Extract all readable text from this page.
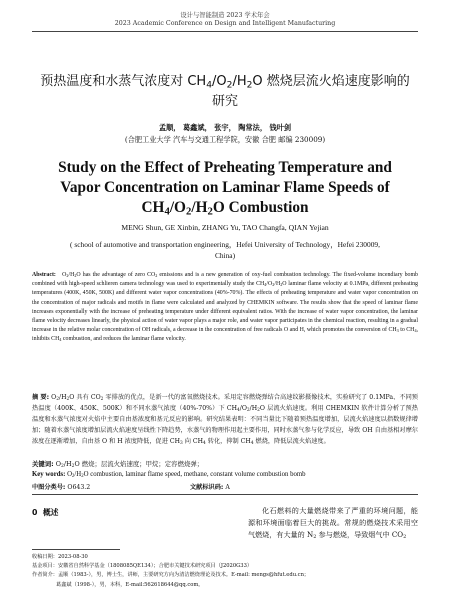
设计与智能制造 2023 学术年会
2023 Academic Conference on Design and Intelligent Manufacturing
预热温度和水蒸气浓度对 $CH_4/O_2/H_2O$ 燃烧层流火焰速度影响的研究
孟顺， 葛鑫斌， 张宇， 陶常法， 钱叶剑
(合肥工业大学 汽车与交通工程学院，安徽 合肥 邮编 230009)
Study on the Effect of Preheating Temperature and Vapor Concentration on Laminar Flame Speeds of $CH_4/O_2/H_2O$ Combustion
MENG Shun, GE Xinbin, ZHANG Yu, TAO Changfa, QIAN Yejian
( school of automotive and transportation engineering，Hefei University of Technology，Hefei 230009, China)
Abstract: $O_2/H_2O$ has the advantage of zero $CO_2$ emissions and is a new generation of oxy-fuel combustion technology. The fixed-volume incendiary bomb combined with high-speed schlieren camera technology was used to experimentally study the $CH_4/O_2/H_2O$ laminar flame velocity at 0.1MPa, different preheating temperatures (400K, 450K, 500K) and different water vapor concentrations (40%-70%). The effects of preheating temperature and water vapor concentration on the concentration of major radicals and motifs in flame were calculated and analyzed by CHEMKIN software. The results show that the speed of laminar flame increases exponentially with the increase of preheating temperature under different equivalent ratios. With the increase of water vapor concentration, the laminar flame velocity decreases linearly, the physical action of water vapor plays a major role, and water vapor participates in the chemical reaction, resulting in a gradual increase in the relative molar concentration of OH radicals, a decrease in the concentration of free radicals O and H, which promotes the conversion of $CH_3$ to $CH_4$, inhibits $CH_4$ combustion, and reduces the laminar flame velocity.
摘 要: $O_2/H_2O$ 具有 $CO_2$ 零排放的优点，是新一代的富氧燃烧技术。采用定容燃烧弹结合高速纹影摄像技术，实验研究了 0.1MPa、不同预热温度（400K、450K、500K）和不同水蒸气浓度（40%-70%）下 $CH_4/O_2/H_2O$ 层流火焰速度。利用 CHEMKIN 软件计算分析了预热温度和水蒸气浓度对火焰中主要自由基浓度和基元反应的影响。研究结果表明：不同当量比下随着预热温度增加，层流火焰速度以指数规律增加；随着水蒸气浓度增加层流火焰速度呈线性下降趋势，水蒸气的物理作用起主要作用，同时水蒸气参与化学反应，导致 OH 自由基相对摩尔浓度在逐渐增加，自由基 O 和 H 浓度降低，促进 $CH_3$ 向 $CH_4$ 转化，抑制 $CH_4$ 燃烧，降低层流火焰速度。
关键词: $O_2/H_2O$ 燃烧；层流火焰速度；甲烷；定容燃烧弹；
Key words: $O_2/H_2O$ combustion, laminar flame speed, methane, constant volume combustion bomb
中图分类号: O643.2	文献标识码: A
0 概述	化石燃料的大量燃烧带来了严重的环境问题，能源和环境面临着巨大的挑战。常规的燃烧技术采用空气燃烧，有大量的 $N_2$ 参与燃烧，导致烟气中 $CO_2$
收稿日期：2023-08-30
基金项目：安徽省自然科学基金（1808085QE134）；合肥市关键技术研究项目（J2020G33）
作者简介：孟顺（1983-），男，博士生，讲师，主要研究方向为清洁燃烧理论及技术。E-mail: mengs@hfut.edu.cn；
葛鑫斌（1998-），男，本科，E-mail:562618644@qq.com。
